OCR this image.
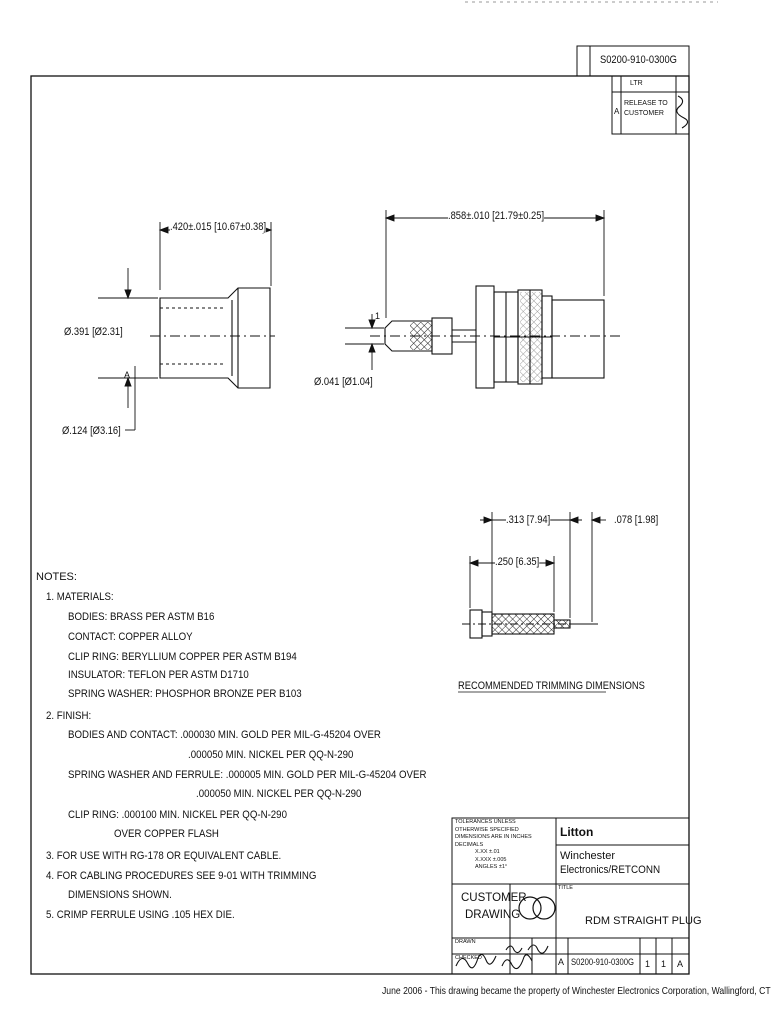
S0200-910-0300G
LTR
A
RELEASE TO
CUSTOMER
.420±.015 [10.67±0.38]
.858±.010 [21.79±0.25]
Ø.391 [Ø2.31]
Ø.124 [Ø3.16]
Ø.041 [Ø1.04]
A
1
.313 [7.94]	.078 [1.98]
.250 [6.35]
RECOMMENDED TRIMMING DIMENSIONS
NOTES:
1. MATERIALS:
BODIES: BRASS PER ASTM B16
CONTACT: COPPER ALLOY
CLIP RING: BERYLLIUM COPPER PER ASTM B194
INSULATOR: TEFLON PER ASTM D1710
SPRING WASHER: PHOSPHOR BRONZE PER B103
2. FINISH:
BODIES AND CONTACT: .000030 MIN. GOLD PER MIL-G-45204 OVER
.000050 MIN. NICKEL PER QQ-N-290
SPRING WASHER AND FERRULE: .000005 MIN. GOLD PER MIL-G-45204 OVER
.000050 MIN. NICKEL PER QQ-N-290
CLIP RING: .000100 MIN. NICKEL PER QQ-N-290
OVER COPPER FLASH
3. FOR USE WITH RG-178 OR EQUIVALENT CABLE.
4. FOR CABLING PROCEDURES SEE 9-01 WITH TRIMMING
DIMENSIONS SHOWN.
5. CRIMP FERRULE USING .105 HEX DIE.
TOLERANCES UNLESS
OTHERWISE SPECIFIED
DIMENSIONS ARE IN INCHES
DECIMALS
X.XX ±.01
X.XXX ±.005
ANGLES ±1°
Litton
Winchester
Electronics/RETCONN
CUSTOMER
DRAWING
TITLE
RDM STRAIGHT PLUG
DRAWN
CHECKED	A S0200-910-0300G 1 1 A
June 2006 - This drawing became the property of Winchester Electronics Corporation, Wallingford, CT
